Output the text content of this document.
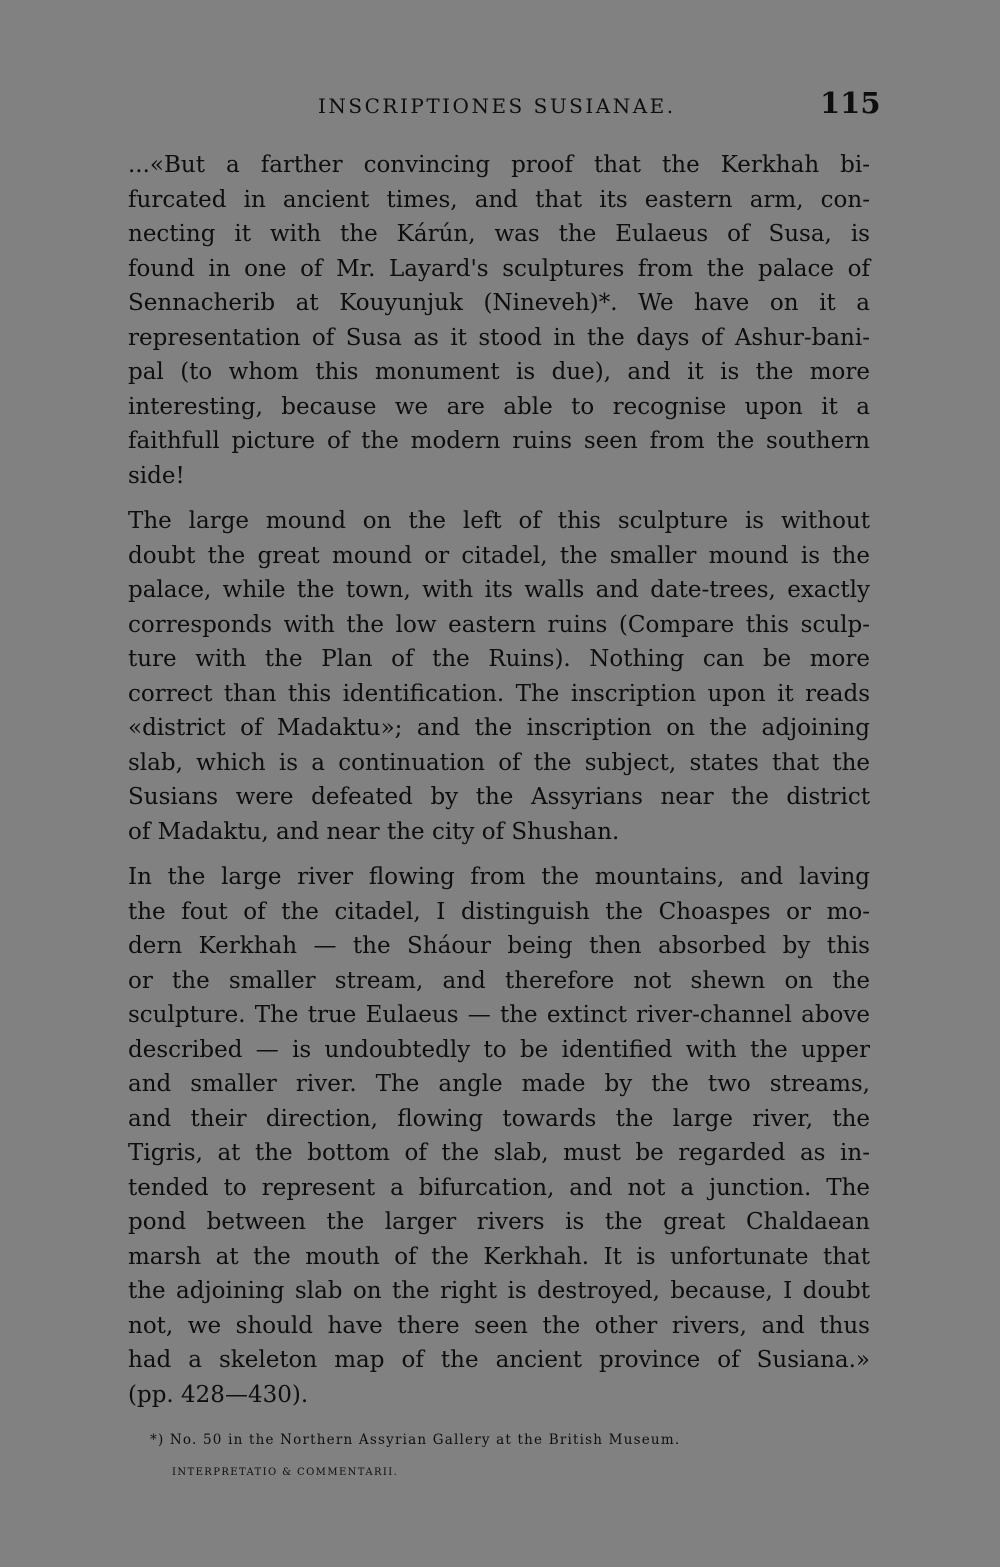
INSCRIPTIONES SUSIANAE.	115
...«But a farther convincing proof that the Kerkhah bi-
furcated in ancient times, and that its eastern arm, con-
necting it with the Kárún, was the Eulaeus of Susa, is
found in one of Mr. Layard's sculptures from the palace of
Sennacherib at Kouyunjuk (Nineveh)*. We have on it a
representation of Susa as it stood in the days of Ashur-bani-
pal (to whom this monument is due), and it is the more
interesting, because we are able to recognise upon it a
faithfull picture of the modern ruins seen from the southern
side!
The large mound on the left of this sculpture is without
doubt the great mound or citadel, the smaller mound is the
palace, while the town, with its walls and date-trees, exactly
corresponds with the low eastern ruins (Compare this sculp-
ture with the Plan of the Ruins). Nothing can be more
correct than this identification. The inscription upon it reads
«district of Madaktu»; and the inscription on the adjoining
slab, which is a continuation of the subject, states that the
Susians were defeated by the Assyrians near the district
of Madaktu, and near the city of Shushan.
In the large river flowing from the mountains, and laving
the fout of the citadel, I distinguish the Choaspes or mo-
dern Kerkhah — the Sháour being then absorbed by this
or the smaller stream, and therefore not shewn on the
sculpture. The true Eulaeus — the extinct river-channel above
described — is undoubtedly to be identified with the upper
and smaller river. The angle made by the two streams,
and their direction, flowing towards the large river, the
Tigris, at the bottom of the slab, must be regarded as in-
tended to represent a bifurcation, and not a junction. The
pond between the larger rivers is the great Chaldaean
marsh at the mouth of the Kerkhah. It is unfortunate that
the adjoining slab on the right is destroyed, because, I doubt
not, we should have there seen the other rivers, and thus
had a skeleton map of the ancient province of Susiana.»
(pp. 428—430).
*) No. 50 in the Northern Assyrian Gallery at the British Museum.
INTERPRETATIO & COMMENTARII.
